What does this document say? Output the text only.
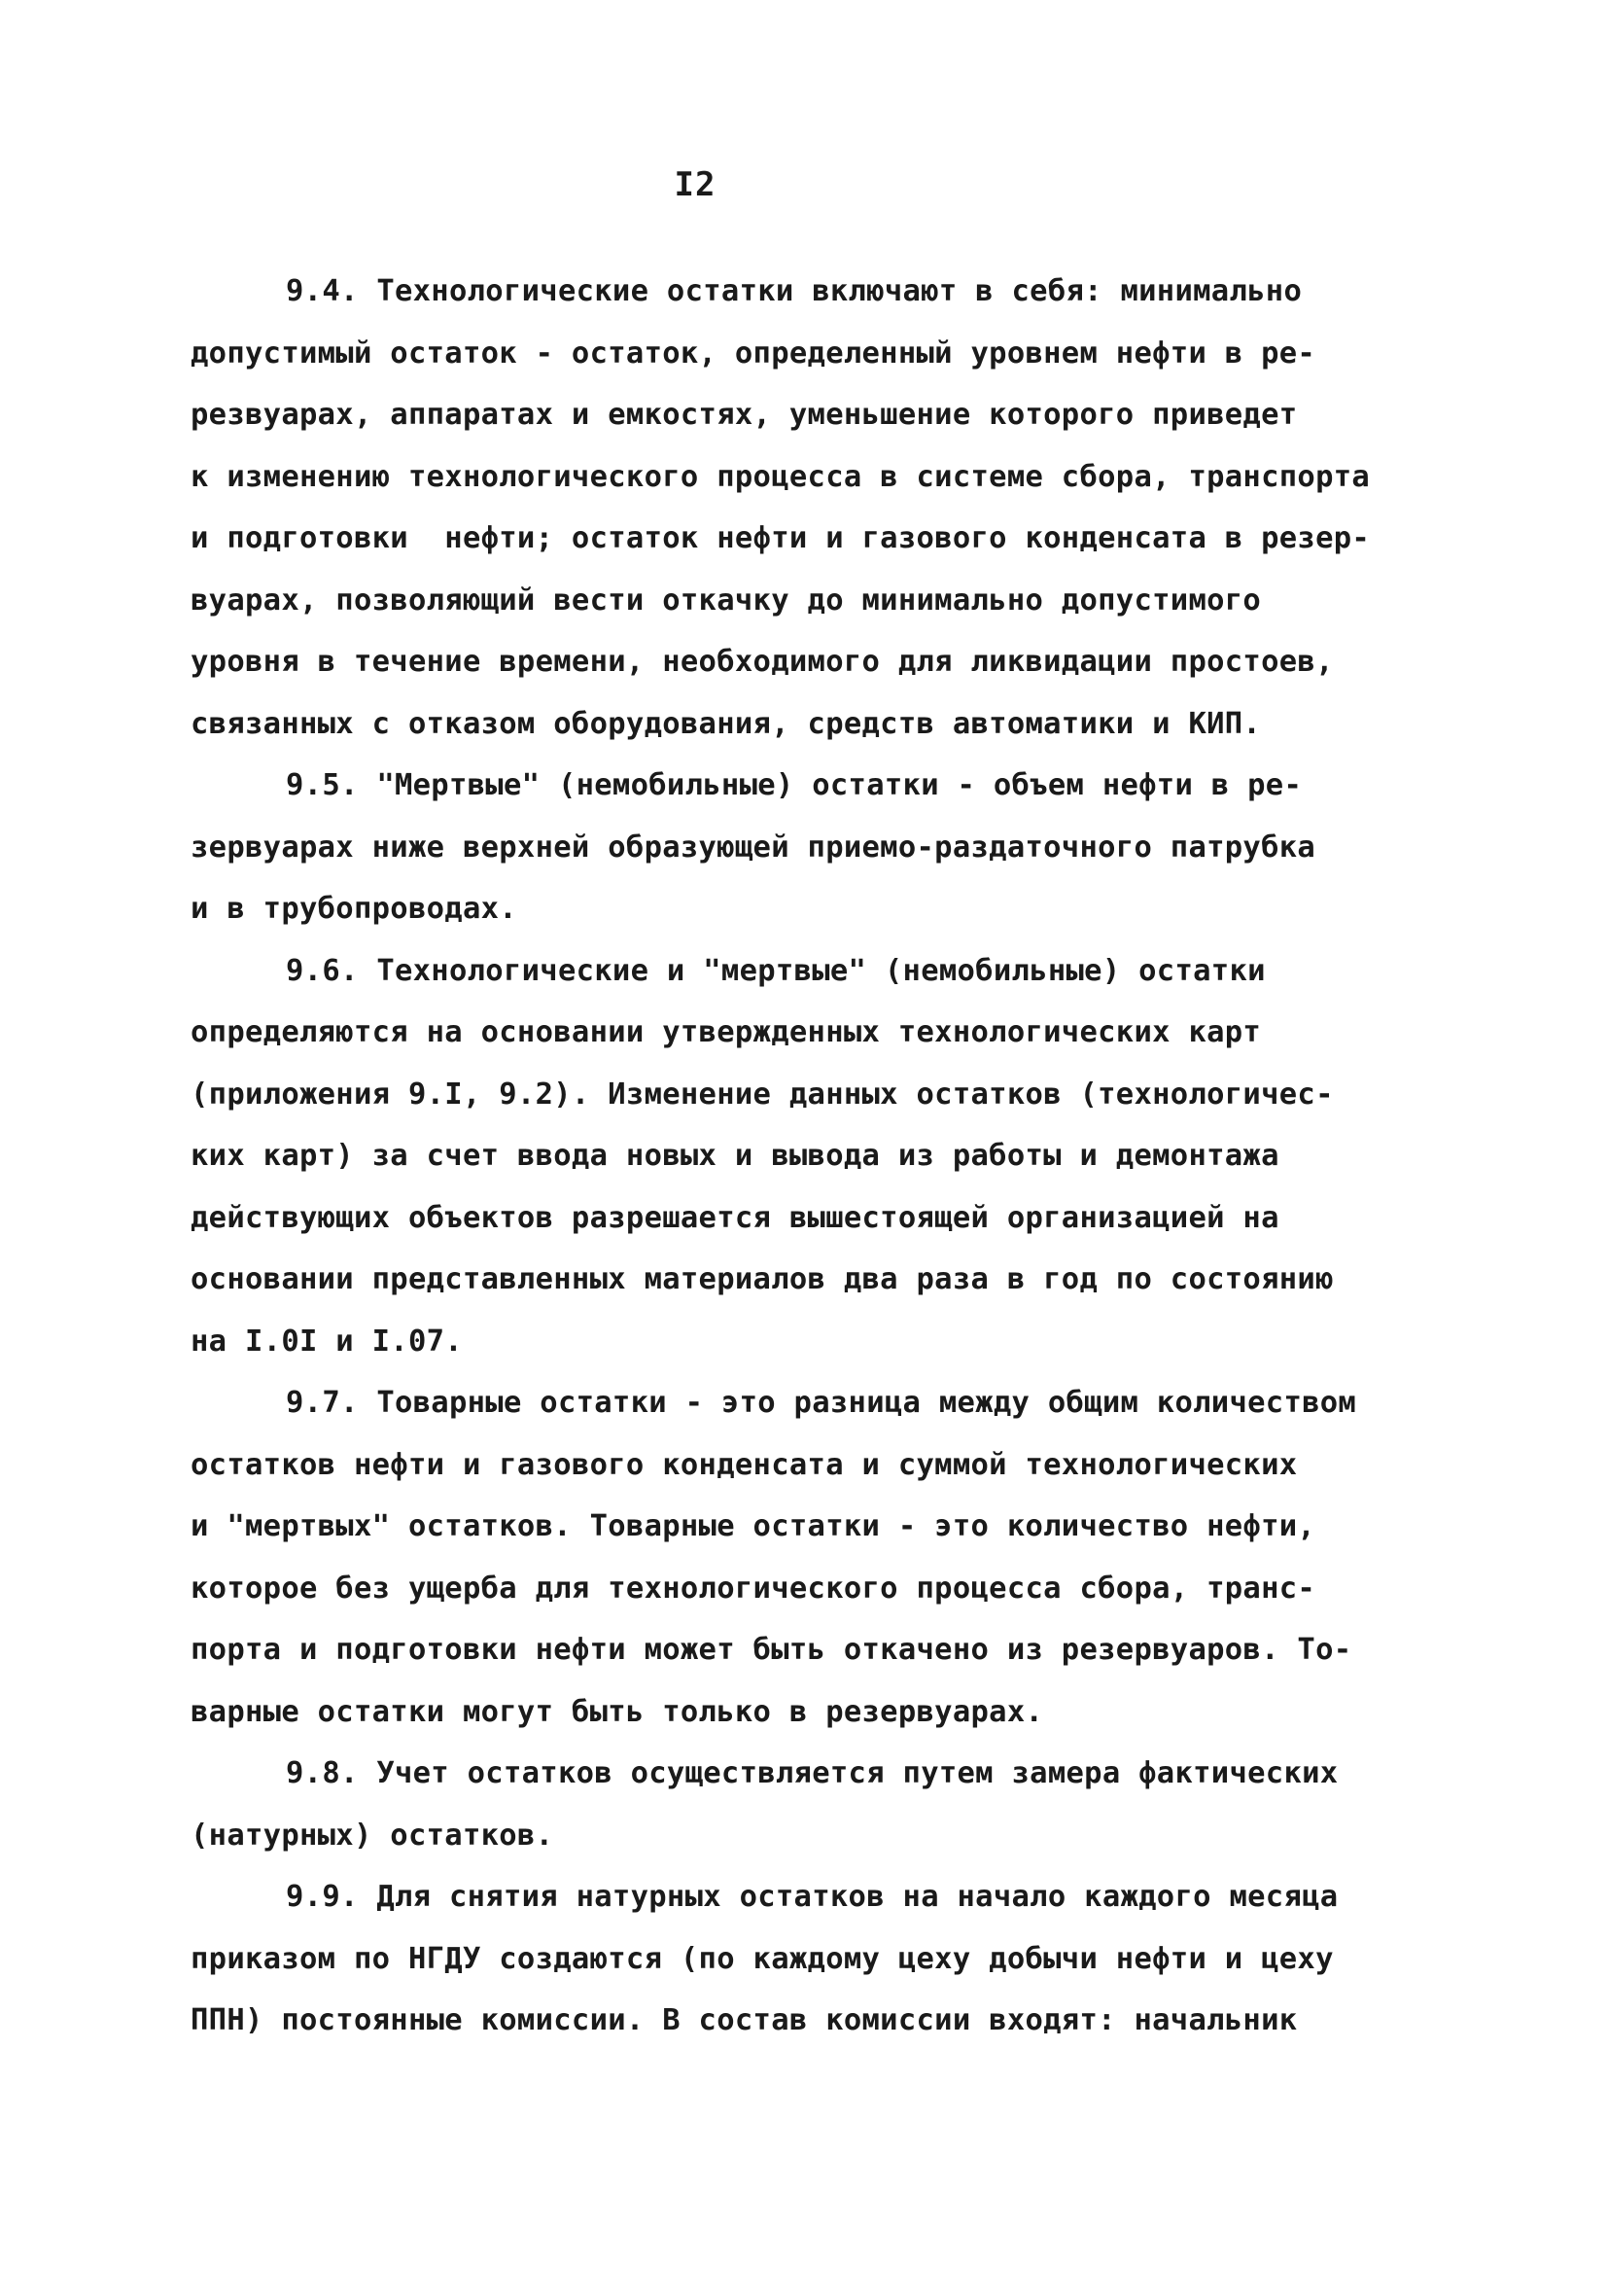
I2
9.4. Технологические остатки включают в себя: минимально
допустимый остаток - остаток, определенный уровнем нефти в ре-
резвуарах, аппаратах и емкостях, уменьшение которого приведет
к изменению технологического процесса в системе сбора, транспорта
и подготовки  нефти; остаток нефти и газового конденсата в резер-
вуарах, позволяющий вести откачку до минимально допустимого
уровня в течение времени, необходимого для ликвидации простоев,
связанных с отказом оборудования, средств автоматики и КИП.
9.5. "Мертвые" (немобильные) остатки - объем нефти в ре-
зервуарах ниже верхней образующей приемо-раздаточного патрубка
и в трубопроводах.
9.6. Технологические и "мертвые" (немобильные) остатки
определяются на основании утвержденных технологических карт
(приложения 9.I, 9.2). Изменение данных остатков (технологичес-
ких карт) за счет ввода новых и вывода из работы и демонтажа
действующих объектов разрешается вышестоящей организацией на
основании представленных материалов два раза в год по состоянию
на I.0I и I.07.
9.7. Товарные остатки - это разница между общим количеством
остатков нефти и газового конденсата и суммой технологических
и "мертвых" остатков. Товарные остатки - это количество нефти,
которое без ущерба для технологического процесса сбора, транс-
порта и подготовки нефти может быть откачено из резервуаров. То-
варные остатки могут быть только в резервуарах.
9.8. Учет остатков осуществляется путем замера фактических
(натурных) остатков.
9.9. Для снятия натурных остатков на начало каждого месяца
приказом по НГДУ создаются (по каждому цеху добычи нефти и цеху
ППН) постоянные комиссии. В состав комиссии входят: начальник
